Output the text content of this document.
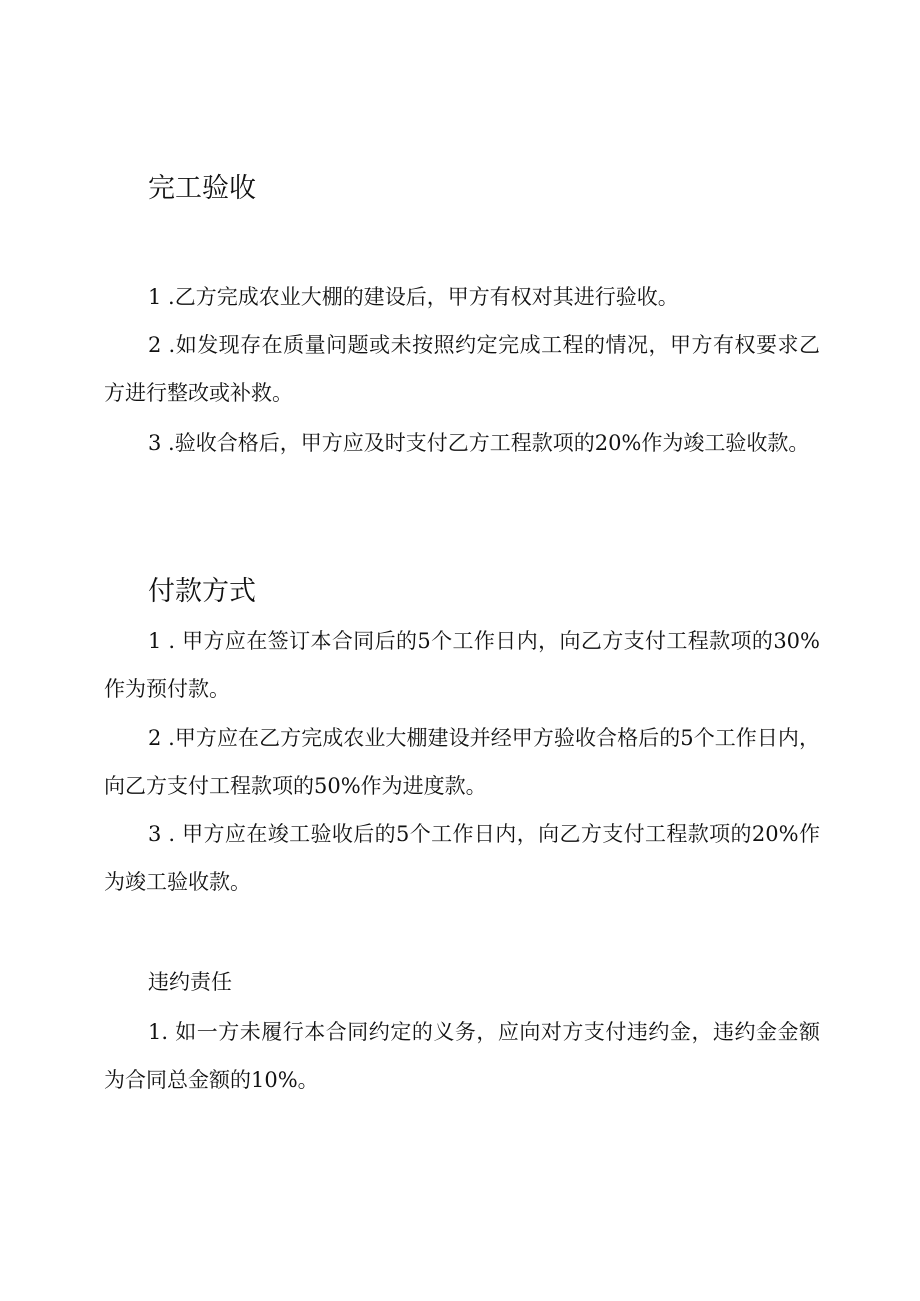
完工验收

1 .乙方完成农业大棚的建设后，甲方有权对其进行验收。

2 .如发现存在质量问题或未按照约定完成工程的情况，甲方有权要求乙方进行整改或补救。

3 .验收合格后，甲方应及时支付乙方工程款项的20%作为竣工验收款。

付款方式

1 . 甲方应在签订本合同后的5个工作日内，向乙方支付工程款项的30%作为预付款。

2 .甲方应在乙方完成农业大棚建设并经甲方验收合格后的5个工作日内，向乙方支付工程款项的50%作为进度款。

3 . 甲方应在竣工验收后的5个工作日内，向乙方支付工程款项的20%作为竣工验收款。

违约责任

1. 如一方未履行本合同约定的义务，应向对方支付违约金，违约金金额为合同总金额的10%。
